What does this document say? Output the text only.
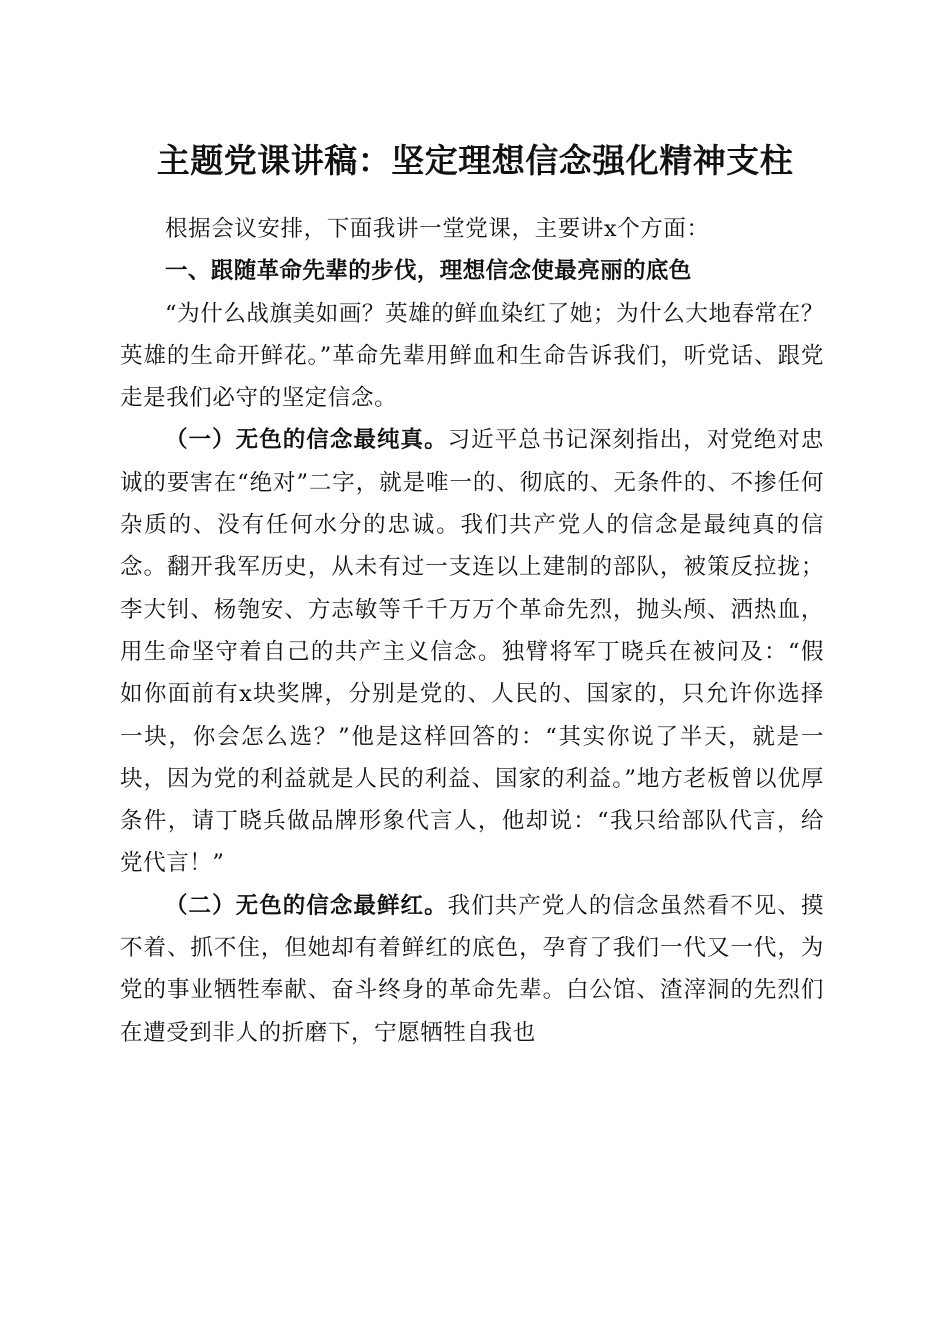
主题党课讲稿：坚定理想信念强化精神支柱

根据会议安排，下面我讲一堂党课，主要讲x个方面：

一、跟随革命先辈的步伐，理想信念使最亮丽的底色

“为什么战旗美如画？英雄的鲜血染红了她；为什么大地春常在？英雄的生命开鲜花。”革命先辈用鲜血和生命告诉我们，听党话、跟党走是我们必守的坚定信念。

（一）无色的信念最纯真。习近平总书记深刻指出，对党绝对忠诚的要害在“绝对”二字，就是唯一的、彻底的、无条件的、不掺任何杂质的、没有任何水分的忠诚。我们共产党人的信念是最纯真的信念。翻开我军历史，从未有过一支连以上建制的部队，被策反拉拢；李大钊、杨匏安、方志敏等千千万万个革命先烈，抛头颅、洒热血，用生命坚守着自己的共产主义信念。独臂将军丁晓兵在被问及：“假如你面前有x块奖牌，分别是党的、人民的、国家的，只允许你选择一块，你会怎么选？”他是这样回答的：“其实你说了半天，就是一块，因为党的利益就是人民的利益、国家的利益。”地方老板曾以优厚条件，请丁晓兵做品牌形象代言人，他却说：“我只给部队代言，给党代言！”

（二）无色的信念最鲜红。我们共产党人的信念虽然看不见、摸不着、抓不住，但她却有着鲜红的底色，孕育了我们一代又一代，为党的事业牺牲奉献、奋斗终身的革命先辈。白公馆、渣滓洞的先烈们在遭受到非人的折磨下，宁愿牺牲自我也
